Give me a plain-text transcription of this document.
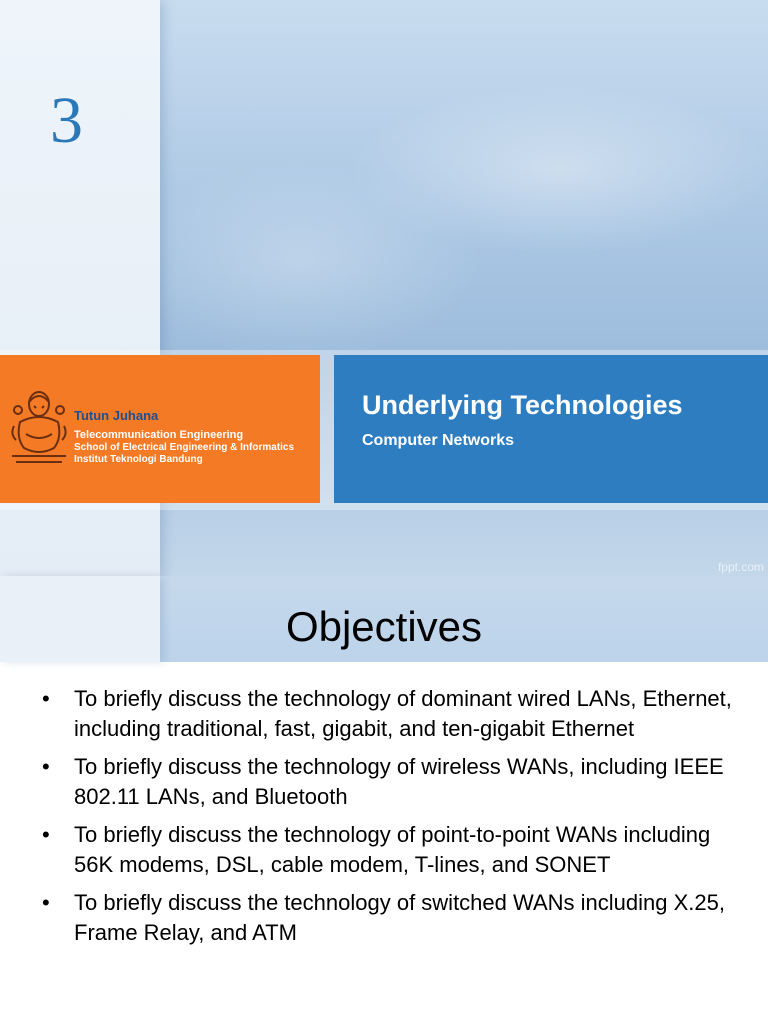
3
Tutun Juhana
Telecommunication Engineering
School of Electrical Engineering & Informatics
Institut Teknologi Bandung
Underlying Technologies
Computer Networks
fppt.com
Objectives
• To briefly discuss the technology of dominant wired LANs, Ethernet, including traditional, fast, gigabit, and ten-gigabit Ethernet
• To briefly discuss the technology of wireless WANs, including IEEE 802.11 LANs, and Bluetooth
• To briefly discuss the technology of point-to-point WANs including 56K modems, DSL, cable modem, T-lines, and SONET
• To briefly discuss the technology of switched WANs including X.25, Frame Relay, and ATM
